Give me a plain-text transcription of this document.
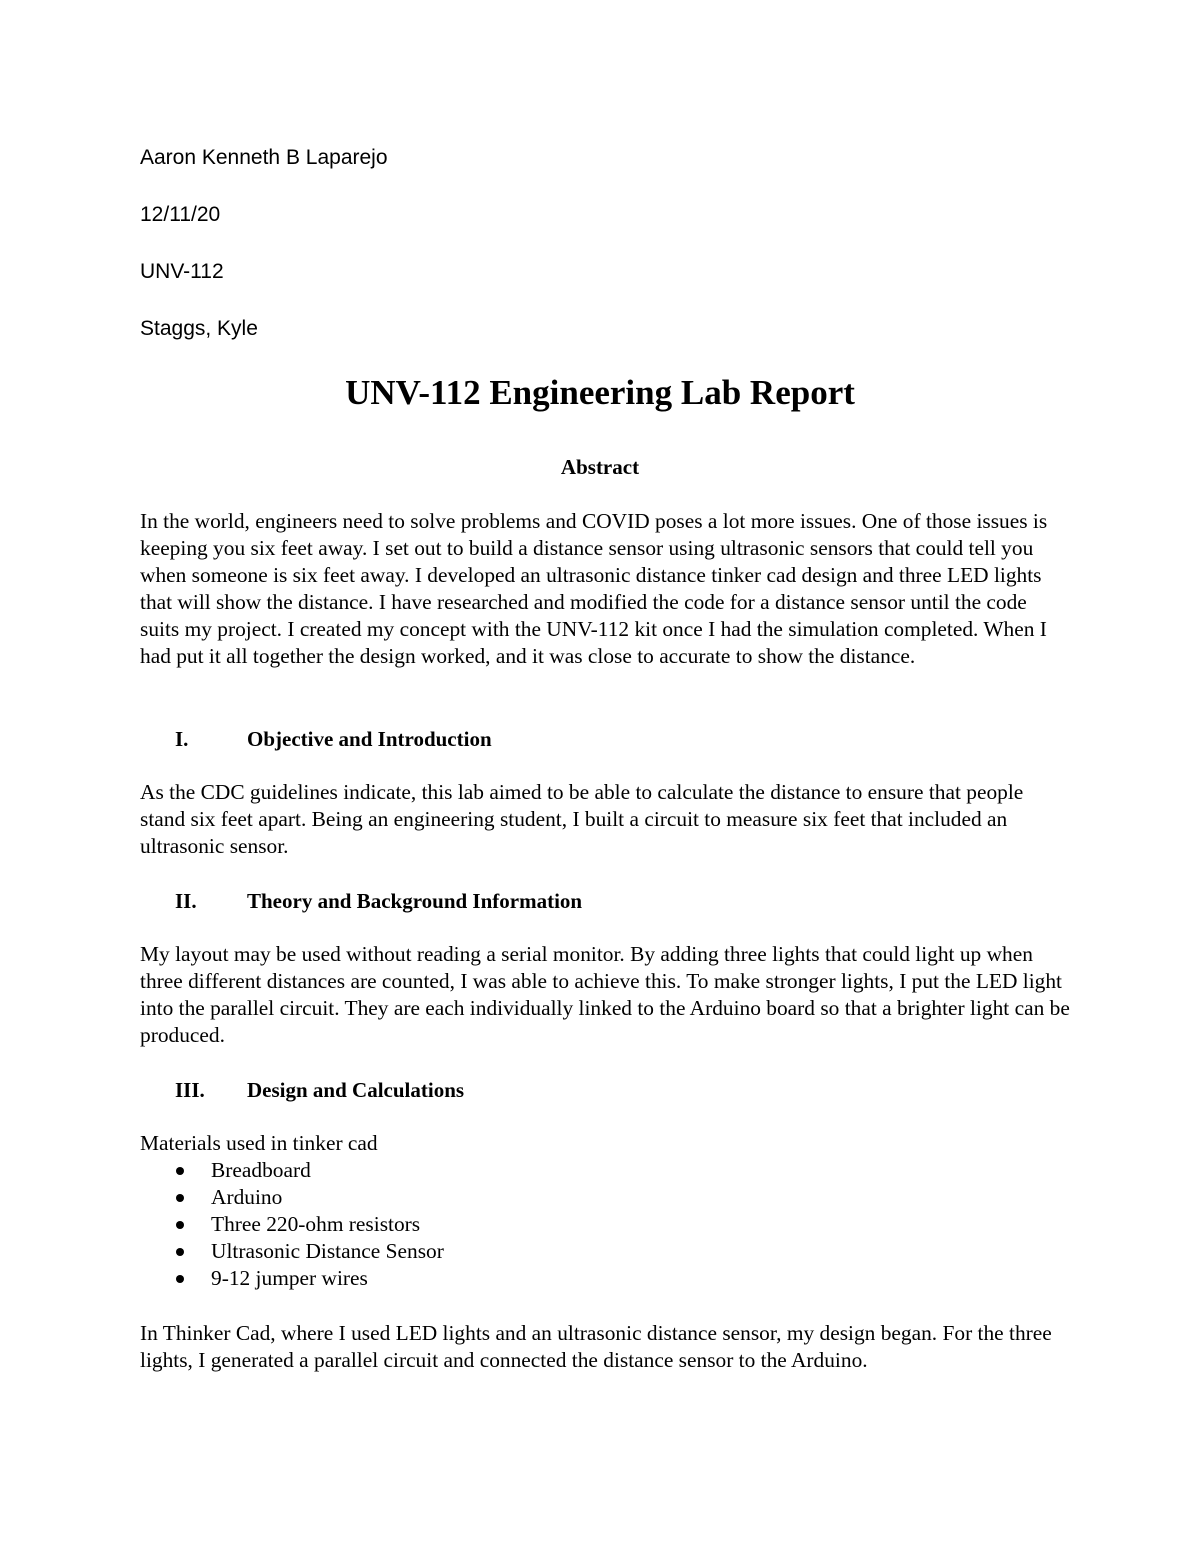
Aaron Kenneth B Laparejo

12/11/20

UNV-112

Staggs, Kyle

UNV-112 Engineering Lab Report
Abstract

In the world, engineers need to solve problems and COVID poses a lot more issues. One of those issues is keeping you six feet away. I set out to build a distance sensor using ultrasonic sensors that could tell you when someone is six feet away. I developed an ultrasonic distance tinker cad design and three LED lights that will show the distance. I have researched and modified the code for a distance sensor until the code suits my project. I created my concept with the UNV-112 kit once I had the simulation completed. When I had put it all together the design worked, and it was close to accurate to show the distance.

I.	Objective and Introduction

As the CDC guidelines indicate, this lab aimed to be able to calculate the distance to ensure that people stand six feet apart. Being an engineering student, I built a circuit to measure six feet that included an ultrasonic sensor.

II.	Theory and Background Information

My layout may be used without reading a serial monitor. By adding three lights that could light up when three different distances are counted, I was able to achieve this. To make stronger lights, I put the LED light into the parallel circuit. They are each individually linked to the Arduino board so that a brighter light can be produced.

III.	Design and Calculations

Materials used in tinker cad

Breadboard
Arduino
Three 220-ohm resistors
Ultrasonic Distance Sensor
9-12 jumper wires

In Thinker Cad, where I used LED lights and an ultrasonic distance sensor, my design began. For the three lights, I generated a parallel circuit and connected the distance sensor to the Arduino.
